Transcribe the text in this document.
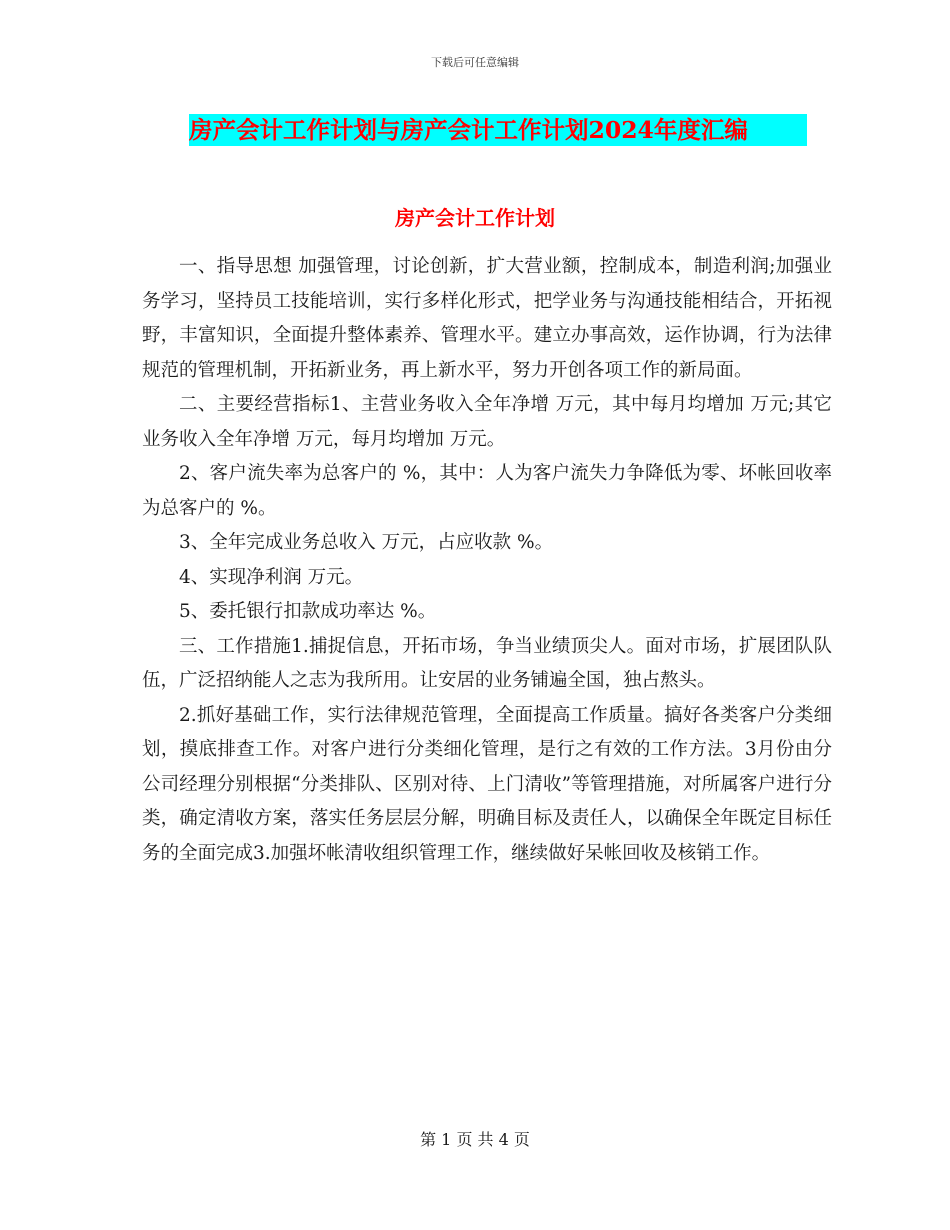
下载后可任意编辑
房产会计工作计划与房产会计工作计划2024年度汇编
房产会计工作计划

一、指导思想 加强管理，讨论创新，扩大营业额，控制成本，制造利润;加强业务学习，坚持员工技能培训，实行多样化形式，把学业务与沟通技能相结合，开拓视野，丰富知识，全面提升整体素养、管理水平。建立办事高效，运作协调，行为法律规范的管理机制，开拓新业务，再上新水平，努力开创各项工作的新局面。

二、主要经营指标1、主营业务收入全年净增 万元，其中每月均增加 万元;其它业务收入全年净增 万元，每月均增加 万元。

2、客户流失率为总客户的 %，其中：人为客户流失力争降低为零、坏帐回收率为总客户的 %。

3、全年完成业务总收入 万元，占应收款 %。

4、实现净利润 万元。

5、委托银行扣款成功率达 %。

三、工作措施1.捕捉信息，开拓市场，争当业绩顶尖人。面对市场，扩展团队队伍，广泛招纳能人之志为我所用。让安居的业务铺遍全国，独占熬头。

2.抓好基础工作，实行法律规范管理，全面提高工作质量。搞好各类客户分类细划，摸底排查工作。对客户进行分类细化管理，是行之有效的工作方法。3月份由分公司经理分别根据“分类排队、区别对待、上门清收”等管理措施，对所属客户进行分类，确定清收方案，落实任务层层分解，明确目标及责任人，以确保全年既定目标任务的全面完成3.加强坏帐清收组织管理工作，继续做好呆帐回收及核销工作。

第 1 页 共 4 页
